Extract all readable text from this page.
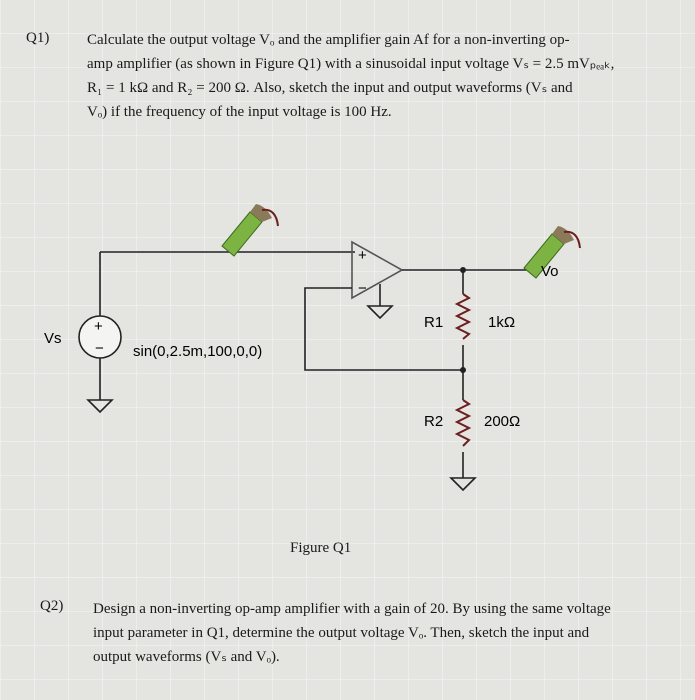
Q1)	Calculate the output voltage Vₒ and the amplifier gain Af for a non-inverting op-

amp amplifier (as shown in Figure Q1) with a sinusoidal input voltage Vₛ = 2.5 mVₚₑₐₖ,

R₁ = 1 kΩ and R₂ = 200 Ω. Also, sketch the input and output waveforms (Vₛ and

Vₒ) if the frequency of the input voltage is 100 Hz.

+
−
+
−
Vs
sin(0,2.5m,100,0,0)
Vo
R1	1kΩ
R2	200Ω
Figure Q1
Q2) Design a non-inverting op-amp amplifier with a gain of 20. By using the same voltage

input parameter in Q1, determine the output voltage Vₒ. Then, sketch the input and

output waveforms (Vₛ and Vₒ).
